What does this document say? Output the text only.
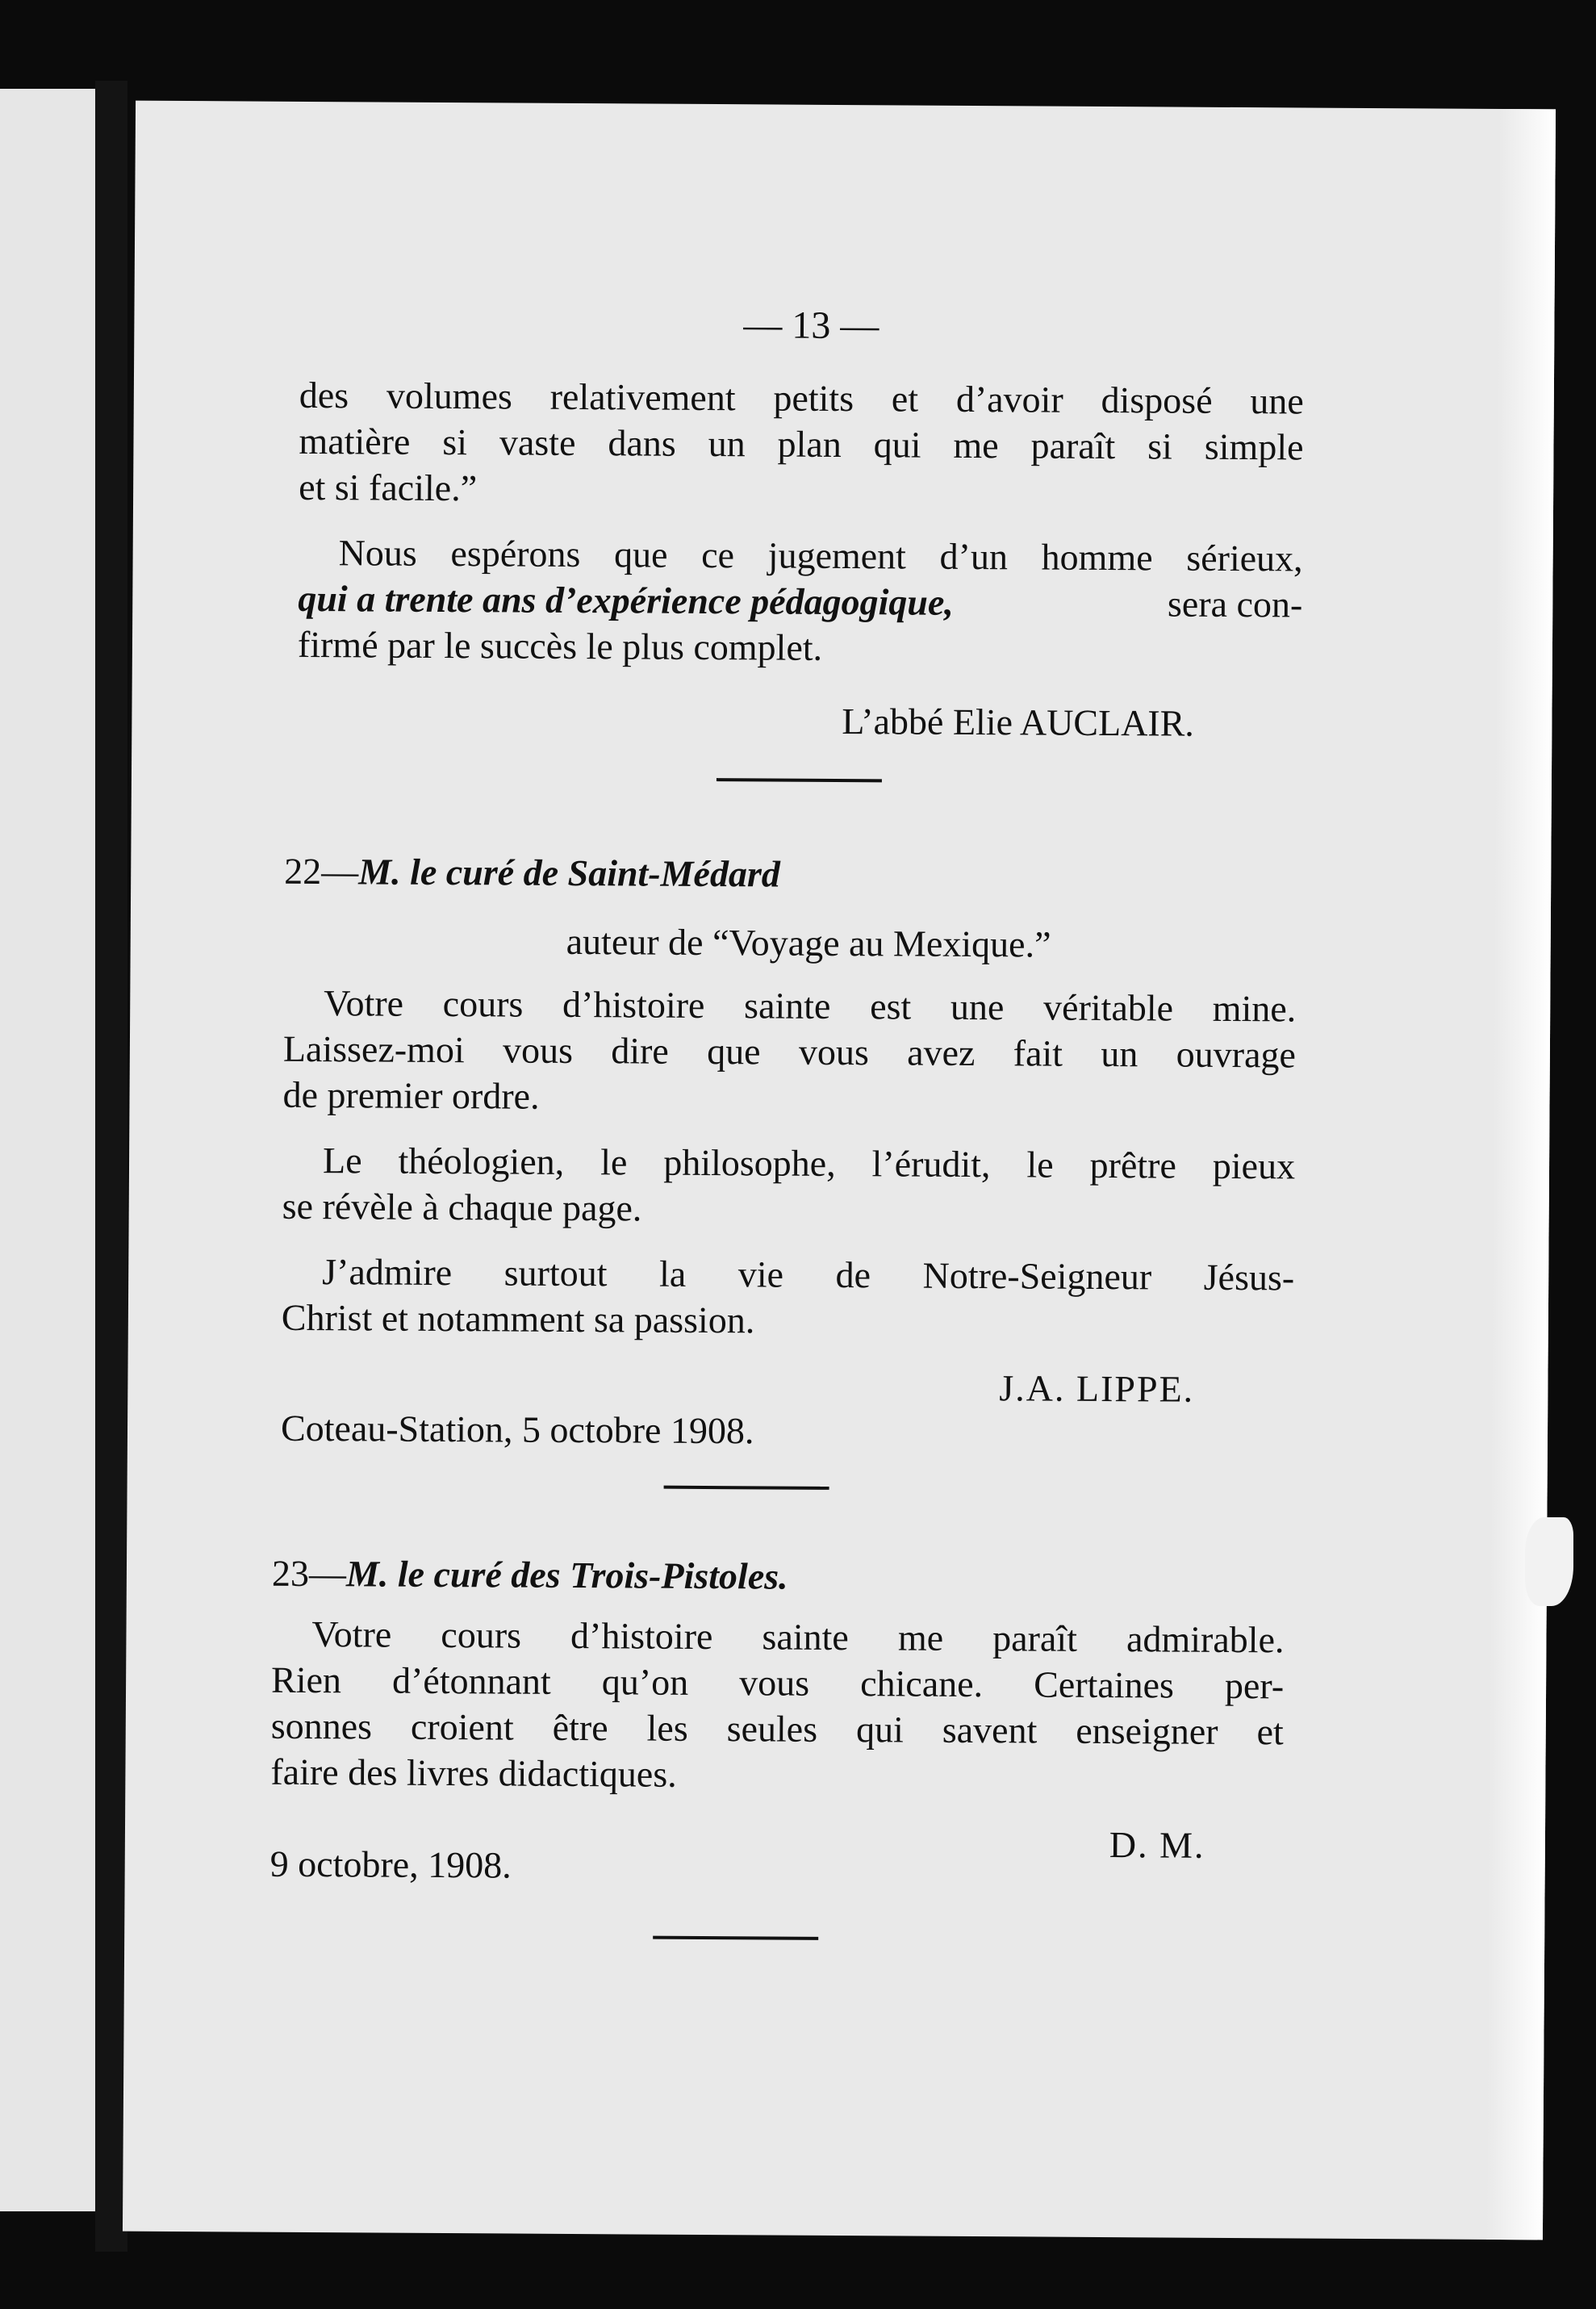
— 13 —
des volumes relativement petits et d’avoir disposé une
matière si vaste dans un plan qui me paraît si simple
et si facile.”
Nous espérons que ce jugement d’un homme sérieux,
qui a trente ans d’expérience pédagogique,	sera con-
firmé par le succès le plus complet.
L’abbé Elie AUCLAIR.
22—M. le curé de Saint-Médard
auteur de “Voyage au Mexique.”
Votre cours d’histoire sainte est une véritable mine.
Laissez-moi vous dire que vous avez fait un ouvrage
de premier ordre.
Le théologien, le philosophe, l’érudit, le prêtre pieux
se révèle à chaque page.
J’admire surtout la vie de Notre-Seigneur Jésus-
Christ et notamment sa passion.
J.A. LIPPE.
Coteau-Station, 5 octobre 1908.
23—M. le curé des Trois-Pistoles.
Votre cours d’histoire sainte me paraît admirable.
Rien d’étonnant qu’on vous chicane. Certaines per-
sonnes croient être les seules qui savent enseigner et
faire des livres didactiques.
D. M.
9 octobre, 1908.
